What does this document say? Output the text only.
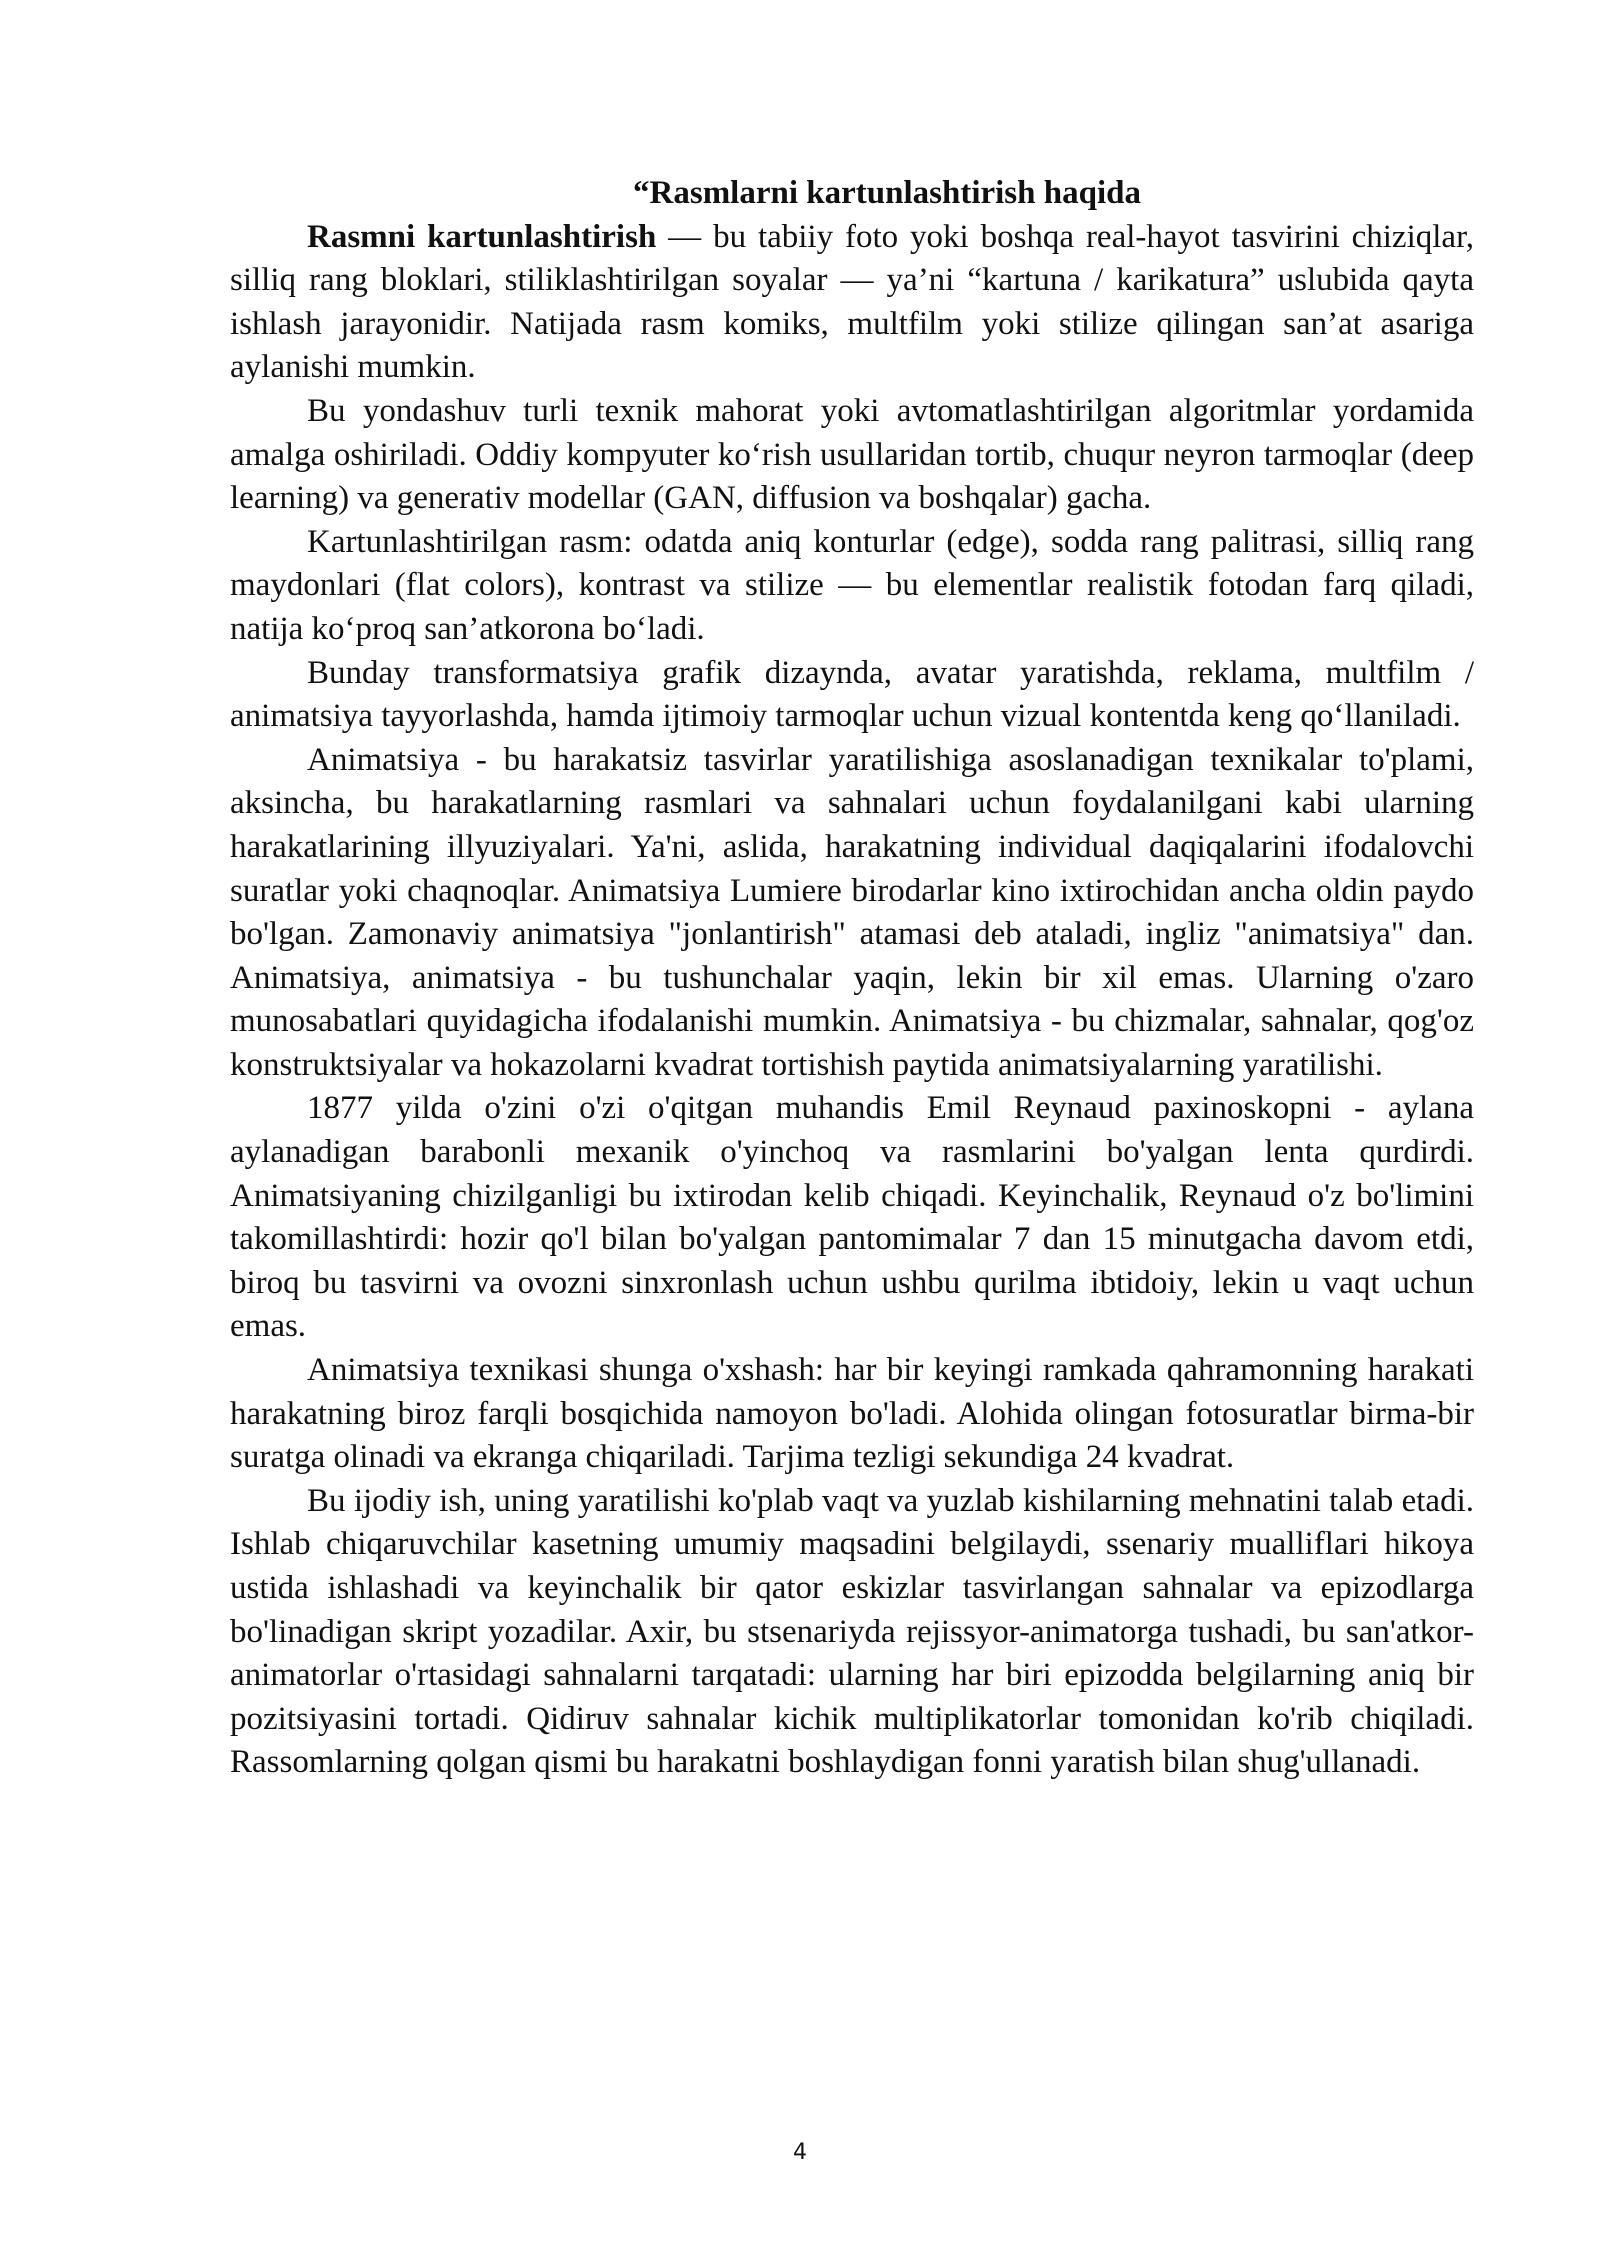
“Rasmlarni kartunlashtirish haqida

Rasmni kartunlashtirish — bu tabiiy foto yoki boshqa real-hayot tasvirini chiziqlar, silliq rang bloklari, stiliklashtirilgan soyalar — ya’ni “kartuna / karikatura” uslubida qayta ishlash jarayonidir. Natijada rasm komiks, multfilm yoki stilize qilingan san’at asariga aylanishi mumkin.

Bu yondashuv turli texnik mahorat yoki avtomatlashtirilgan algoritmlar yordamida amalga oshiriladi. Oddiy kompyuter ko‘rish usullaridan tortib, chuqur neyron tarmoqlar (deep learning) va generativ modellar (GAN, diffusion va boshqalar) gacha.

Kartunlashtirilgan rasm: odatda aniq konturlar (edge), sodda rang palitrasi, silliq rang maydonlari (flat colors), kontrast va stilize — bu elementlar realistik fotodan farq qiladi, natija ko‘proq san’atkorona bo‘ladi.

Bunday transformatsiya grafik dizaynda, avatar yaratishda, reklama, multfilm / animatsiya tayyorlashda, hamda ijtimoiy tarmoqlar uchun vizual kontentda keng qo‘llaniladi.

Animatsiya - bu harakatsiz tasvirlar yaratilishiga asoslanadigan texnikalar to'plami, aksincha, bu harakatlarning rasmlari va sahnalari uchun foydalanilgani kabi ularning harakatlarining illyuziyalari. Ya'ni, aslida, harakatning individual daqiqalarini ifodalovchi suratlar yoki chaqnoqlar. Animatsiya Lumiere birodarlar kino ixtirochidan ancha oldin paydo bo'lgan. Zamonaviy animatsiya "jonlantirish" atamasi deb ataladi, ingliz "animatsiya" dan. Animatsiya, animatsiya - bu tushunchalar yaqin, lekin bir xil emas. Ularning o'zaro munosabatlari quyidagicha ifodalanishi mumkin. Animatsiya - bu chizmalar, sahnalar, qog'oz konstruktsiyalar va hokazolarni kvadrat tortishish paytida animatsiyalarning yaratilishi.

1877 yilda o'zini o'zi o'qitgan muhandis Emil Reynaud paxinoskopni - aylana aylanadigan barabonli mexanik o'yinchoq va rasmlarini bo'yalgan lenta qurdirdi. Animatsiyaning chizilganligi bu ixtirodan kelib chiqadi. Keyinchalik, Reynaud o'z bo'limini takomillashtirdi: hozir qo'l bilan bo'yalgan pantomimalar 7 dan 15 minutgacha davom etdi, biroq bu tasvirni va ovozni sinxronlash uchun ushbu qurilma ibtidoiy, lekin u vaqt uchun emas.

Animatsiya texnikasi shunga o'xshash: har bir keyingi ramkada qahramonning harakati harakatning biroz farqli bosqichida namoyon bo'ladi. Alohida olingan fotosuratlar birma-bir suratga olinadi va ekranga chiqariladi. Tarjima tezligi sekundiga 24 kvadrat.

Bu ijodiy ish, uning yaratilishi ko'plab vaqt va yuzlab kishilarning mehnatini talab etadi. Ishlab chiqaruvchilar kasetning umumiy maqsadini belgilaydi, ssenariy mualliflari hikoya ustida ishlashadi va keyinchalik bir qator eskizlar tasvirlangan sahnalar va epizodlarga bo'linadigan skript yozadilar. Axir, bu stsenariyda rejissyor-animatorga tushadi, bu san'atkor-animatorlar o'rtasidagi sahnalarni tarqatadi: ularning har biri epizodda belgilarning aniq bir pozitsiyasini tortadi. Qidiruv sahnalar kichik multiplikatorlar tomonidan ko'rib chiqiladi. Rassomlarning qolgan qismi bu harakatni boshlaydigan fonni yaratish bilan shug'ullanadi.

4
